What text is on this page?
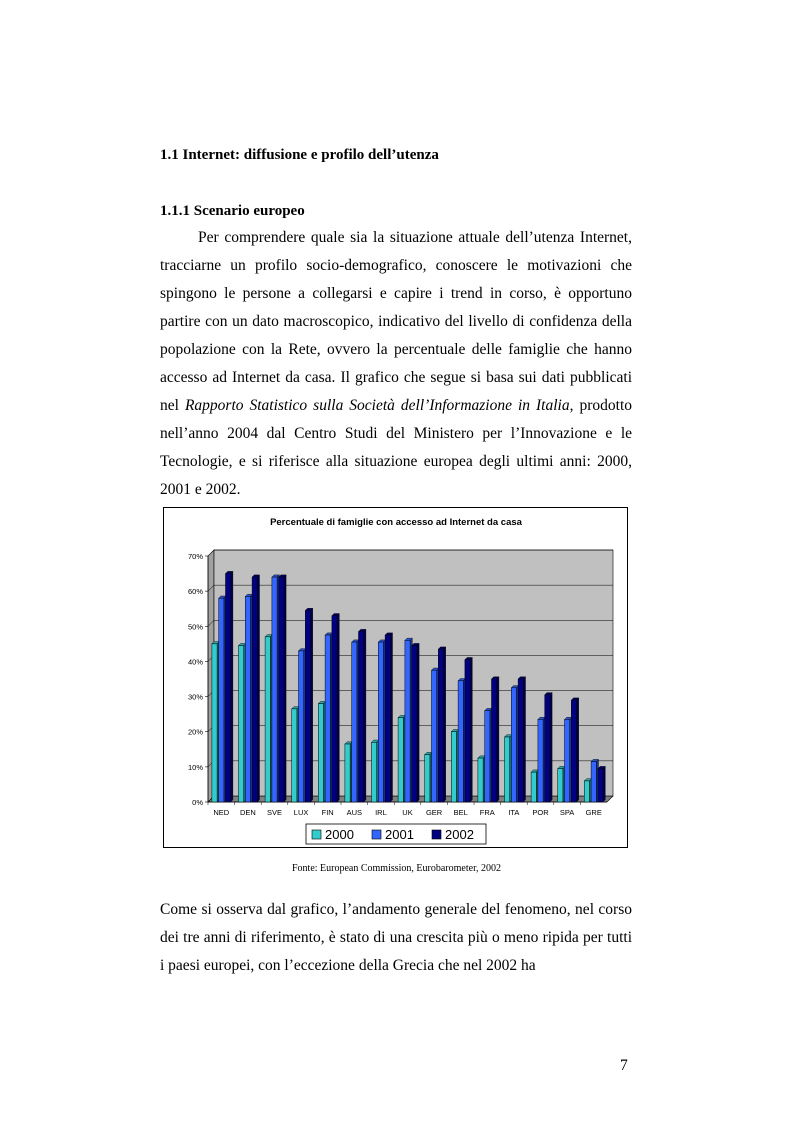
1.1 Internet: diffusione e profilo dell’utenza
1.1.1 Scenario europeo

Per comprendere quale sia la situazione attuale dell’utenza Internet, tracciarne un profilo socio-demografico, conoscere le motivazioni che spingono le persone a collegarsi e capire i trend in corso, è opportuno partire con un dato macroscopico, indicativo del livello di confidenza della popolazione con la Rete, ovvero la percentuale delle famiglie che hanno accesso ad Internet da casa. Il grafico che segue si basa sui dati pubblicati nel Rapporto Statistico sulla Società dell’Informazione in Italia, prodotto nell’anno 2004 dal Centro Studi del Ministero per l’Innovazione e le Tecnologie, e si riferisce alla situazione europea degli ultimi anni: 2000, 2001 e 2002.

Percentuale di famiglie con accesso ad Internet da casa
0%
10%
20%
30%
40%
50%
60%
70%
NED DEN SVE LUX FIN AUS IRL UK GER BEL FRA ITA POR SPA GRE
2000 2001 2002
Fonte: European Commission, Eurobarometer, 2002

Come si osserva dal grafico, l’andamento generale del fenomeno, nel corso dei tre anni di riferimento, è stato di una crescita più o meno ripida per tutti i paesi europei, con l’eccezione della Grecia che nel 2002 ha

7
